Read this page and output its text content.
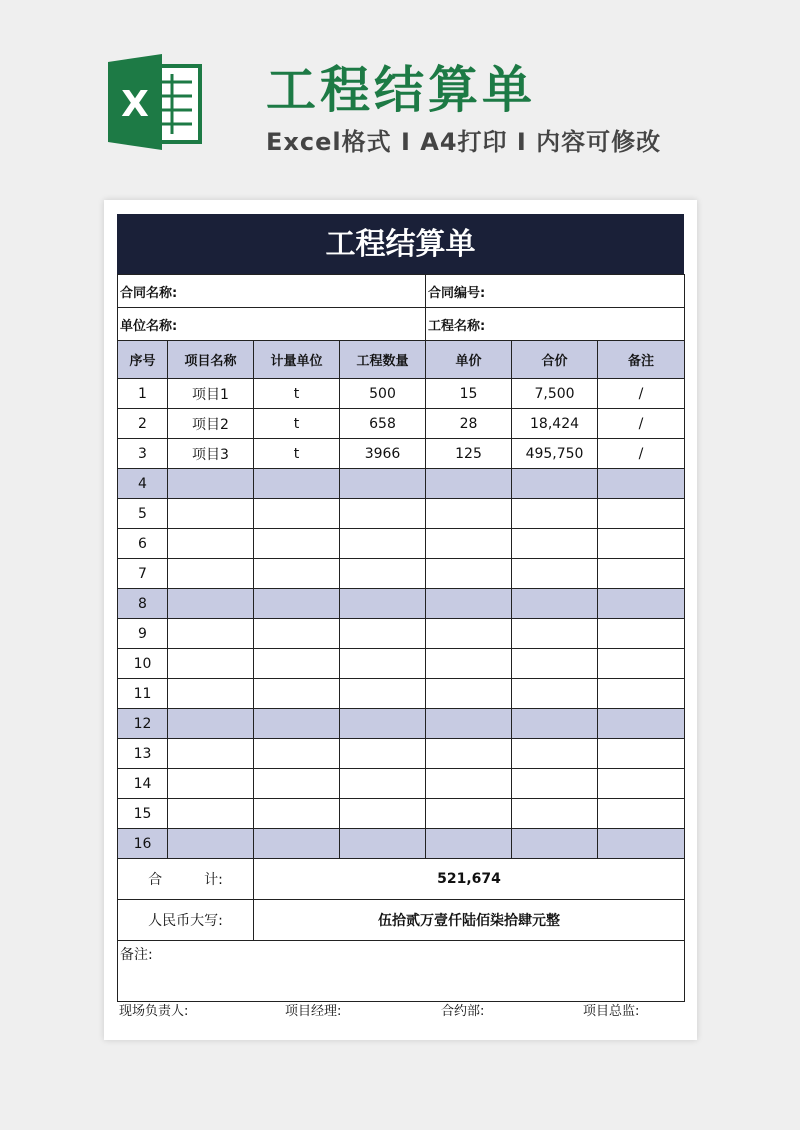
X 工程结算单
Excel格式 I A4打印 I 内容可修改
工程结算单
合同名称:				合同编号:		
单位名称:				工程名称:		
序号	项目名称	计量单位	工程数量	单价	合价	备注
1	项目1	t	500	15	7,500	/
2	项目2	t	658	28	18,424	/
3	项目3	t	3966	125	495,750	/
4						
5						
6						
7						
8						
9						
10						
11						
12						
13						
14						
15						
16						
合　　　计:		521,674				
人民币大写:		伍拾贰万壹仟陆佰柒拾肆元整				
备注:						
现场负责人:	项目经理:	合约部:	项目总监:
